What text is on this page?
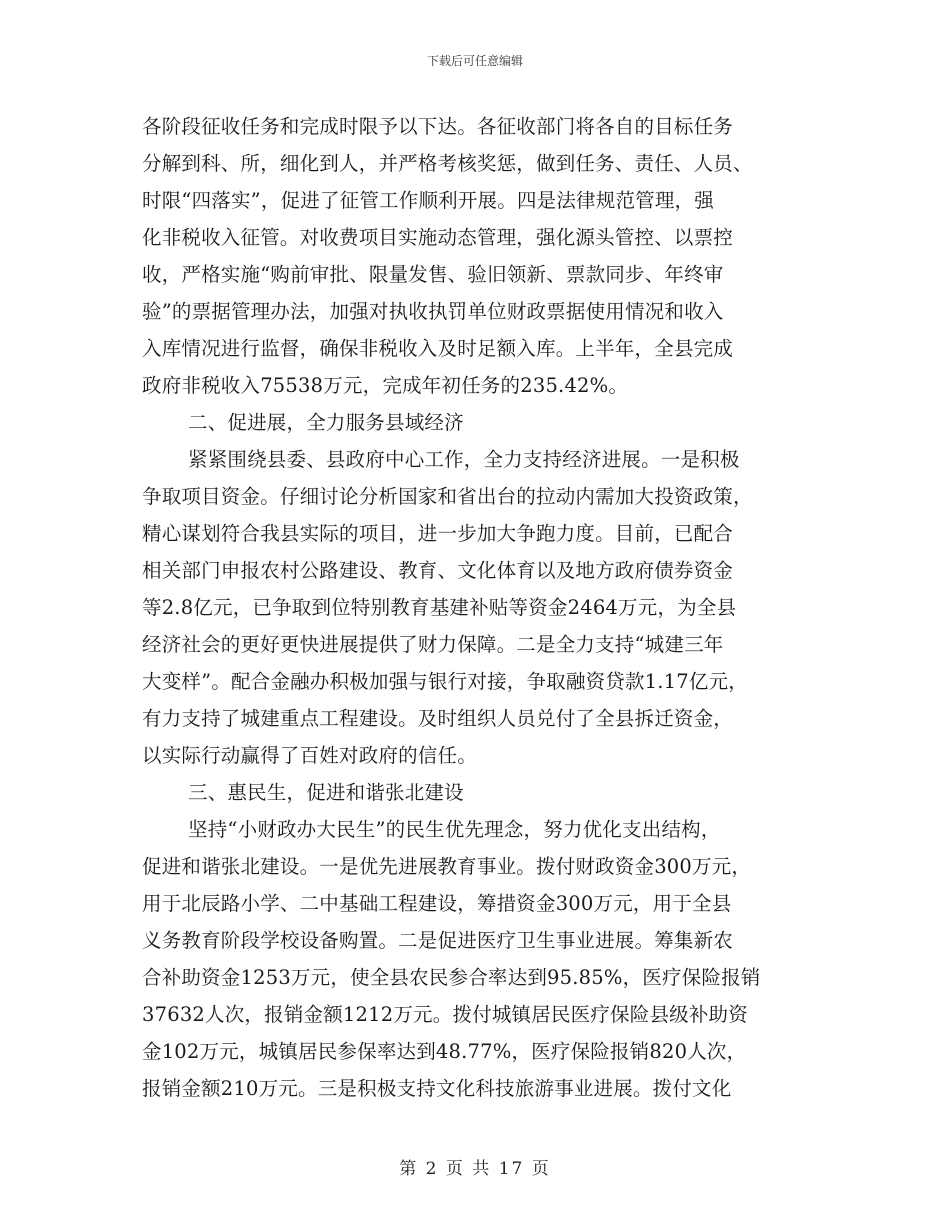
下载后可任意编辑
各阶段征收任务和完成时限予以下达。各征收部门将各自的目标任务
分解到科、所，细化到人，并严格考核奖惩，做到任务、责任、人员、
时限“四落实”，促进了征管工作顺利开展。四是法律规范管理，强
化非税收入征管。对收费项目实施动态管理，强化源头管控、以票控
收，严格实施“购前审批、限量发售、验旧领新、票款同步、年终审
验”的票据管理办法，加强对执收执罚单位财政票据使用情况和收入
入库情况进行监督，确保非税收入及时足额入库。上半年，全县完成
政府非税收入75538万元，完成年初任务的235.42%。
二、促进展，全力服务县域经济
紧紧围绕县委、县政府中心工作，全力支持经济进展。一是积极
争取项目资金。仔细讨论分析国家和省出台的拉动内需加大投资政策，
精心谋划符合我县实际的项目，进一步加大争跑力度。目前，已配合
相关部门申报农村公路建设、教育、文化体育以及地方政府债券资金
等2.8亿元，已争取到位特别教育基建补贴等资金2464万元，为全县
经济社会的更好更快进展提供了财力保障。二是全力支持“城建三年
大变样”。配合金融办积极加强与银行对接，争取融资贷款1.17亿元，
有力支持了城建重点工程建设。及时组织人员兑付了全县拆迁资金，
以实际行动赢得了百姓对政府的信任。
三、惠民生，促进和谐张北建设
坚持“小财政办大民生”的民生优先理念，努力优化支出结构，
促进和谐张北建设。一是优先进展教育事业。拨付财政资金300万元，
用于北辰路小学、二中基础工程建设，筹措资金300万元，用于全县
义务教育阶段学校设备购置。二是促进医疗卫生事业进展。筹集新农
合补助资金1253万元，使全县农民参合率达到95.85%，医疗保险报销
37632人次，报销金额1212万元。拨付城镇居民医疗保险县级补助资
金102万元，城镇居民参保率达到48.77%，医疗保险报销820人次，
报销金额210万元。三是积极支持文化科技旅游事业进展。拨付文化
第 2 页 共 17 页
